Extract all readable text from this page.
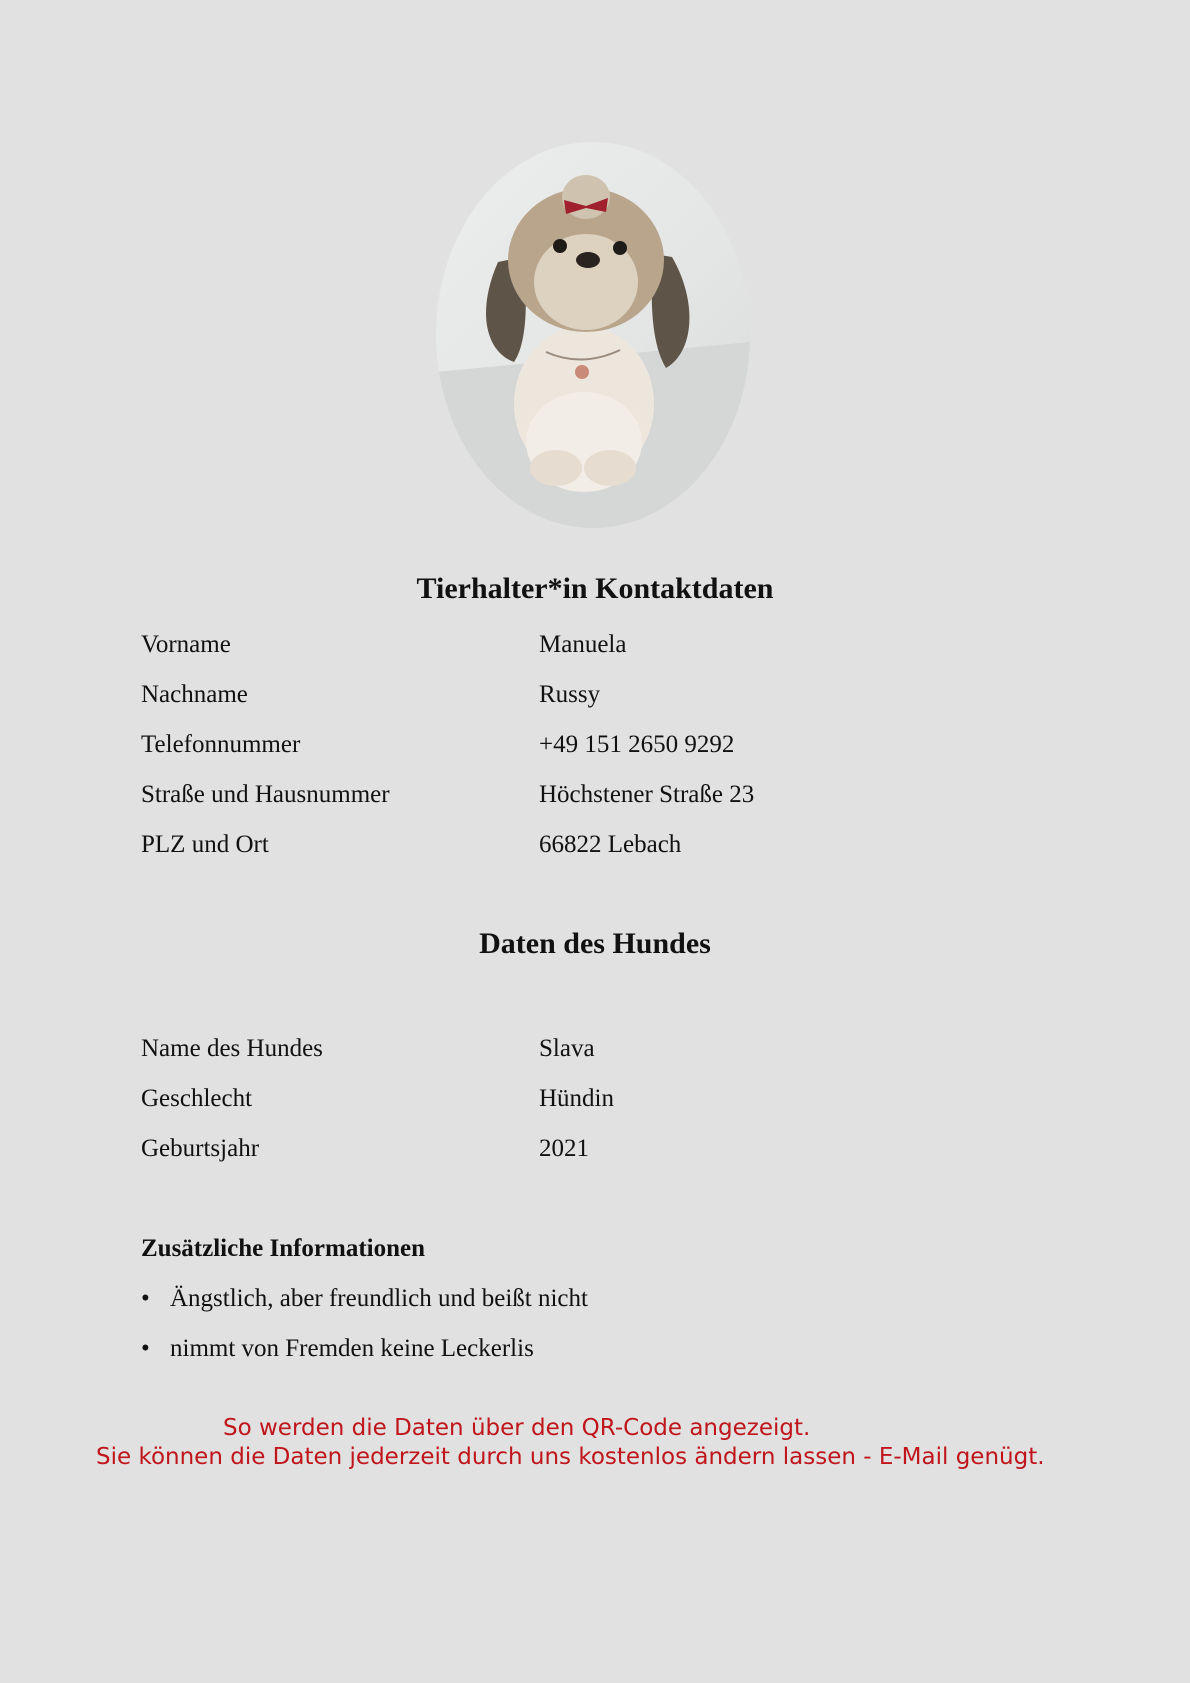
Tierhalter*in Kontaktdaten
Vorname	Manuela
Nachname	Russy
Telefonnummer	+49 151 2650 9292
Straße und Hausnummer	Höchstener Straße 23
PLZ und Ort	66822 Lebach
Daten des Hundes
Name des Hundes	Slava
Geschlecht	Hündin
Geburtsjahr	2021
Zusätzliche Informationen
• Ängstlich, aber freundlich und beißt nicht
• nimmt von Fremden keine Leckerlis
So werden die Daten über den QR-Code angezeigt.
Sie können die Daten jederzeit durch uns kostenlos ändern lassen - E-Mail genügt.
